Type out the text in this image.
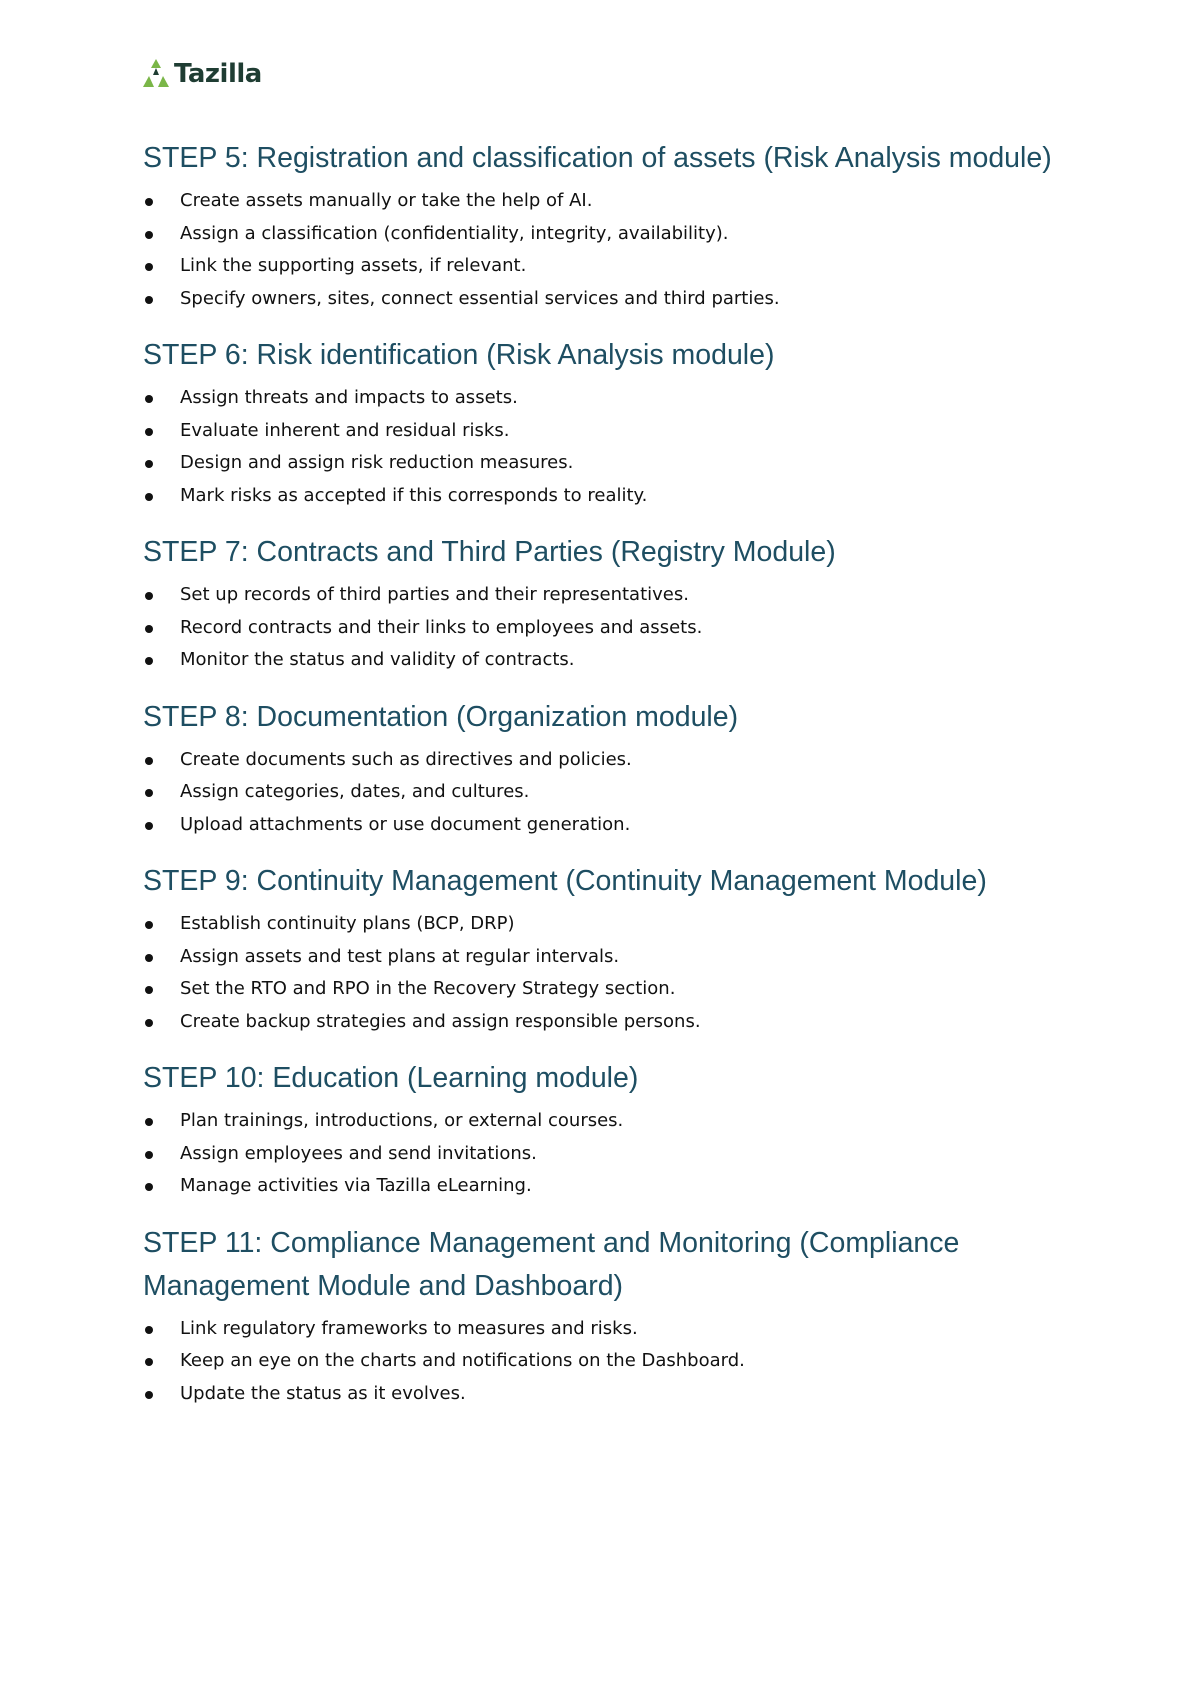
Tazilla
STEP 5: Registration and classification of assets (Risk Analysis module)
Create assets manually or take the help of AI.
Assign a classification (confidentiality, integrity, availability).
Link the supporting assets, if relevant.
Specify owners, sites, connect essential services and third parties.
STEP 6: Risk identification (Risk Analysis module)
Assign threats and impacts to assets.
Evaluate inherent and residual risks.
Design and assign risk reduction measures.
Mark risks as accepted if this corresponds to reality.
STEP 7: Contracts and Third Parties (Registry Module)
Set up records of third parties and their representatives.
Record contracts and their links to employees and assets.
Monitor the status and validity of contracts.
STEP 8: Documentation (Organization module)
Create documents such as directives and policies.
Assign categories, dates, and cultures.
Upload attachments or use document generation.
STEP 9: Continuity Management (Continuity Management Module)
Establish continuity plans (BCP, DRP)
Assign assets and test plans at regular intervals.
Set the RTO and RPO in the Recovery Strategy section.
Create backup strategies and assign responsible persons.
STEP 10: Education (Learning module)
Plan trainings, introductions, or external courses.
Assign employees and send invitations.
Manage activities via Tazilla eLearning.
STEP 11: Compliance Management and Monitoring (Compliance Management Module and Dashboard)
Link regulatory frameworks to measures and risks.
Keep an eye on the charts and notifications on the Dashboard.
Update the status as it evolves.
